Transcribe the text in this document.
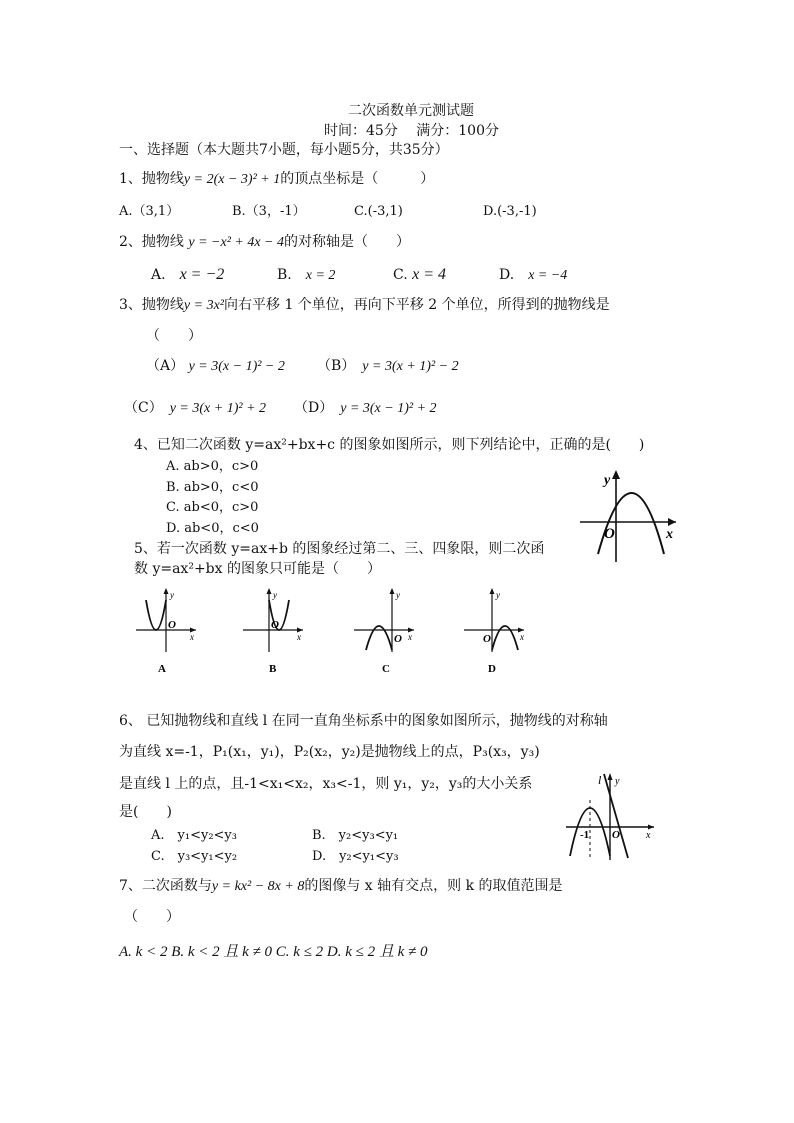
二次函数单元测试题
时间：45分　 满分：100分
一、选择题（本大题共7小题，每小题5分，共35分）
1、抛物线y = 2(x − 3)² + 1的顶点坐标是（　　　）
A.（3,1）	B.（3，-1）	C.(-3,1)	D.(-3,-1)
2、抛物线 y = −x² + 4x − 4的对称轴是（　　）
A.　 x = −2	B.　 x = 2	C. x = 4	D.　 x = −4
3、抛物线y = 3x²向右平移 1 个单位，再向下平移 2 个单位，所得到的抛物线是
（　　）
（A） y = 3(x − 1)² − 2 （B）　 y = 3(x + 1)² − 2
（C）　 y = 3(x + 1)² + 2 （D）　 y = 3(x − 1)² + 2
4、已知二次函数 y=ax²+bx+c 的图象如图所示，则下列结论中，正确的是(　　)
A. ab>0，c>0
B. ab>0，c<0
C. ab<0，c>0
D. ab<0，c<0
y
x
O
5、若一次函数 y=ax+b 的图象经过第二、三、四象限，则二次函
数 y=ax²+bx 的图象只可能是（　　）
y
x
O
A
y
x
O
B
y
x
O
C
y
x
O
D
6、 已知抛物线和直线 l 在同一直角坐标系中的图象如图所示，抛物线的对称轴
为直线 x=-1，P₁(x₁，y₁)，P₂(x₂，y₂)是抛物线上的点，P₃(x₃，y₃)
是直线 l 上的点，且-1<x₁<x₂，x₃<-1，则 y₁，y₂，y₃的大小关系
是(　　)
A.　y₁<y₂<y₃	B.　y₂<y₃<y₁
C.　y₃<y₁<y₂	D.　y₂<y₁<y₃
l y
x
-1 O
7、二次函数与y = kx² − 8x + 8的图像与 x 轴有交点，则 k 的取值范围是
（　　）
A. k < 2 B. k < 2 且 k ≠ 0 C. k ≤ 2 D. k ≤ 2 且 k ≠ 0
